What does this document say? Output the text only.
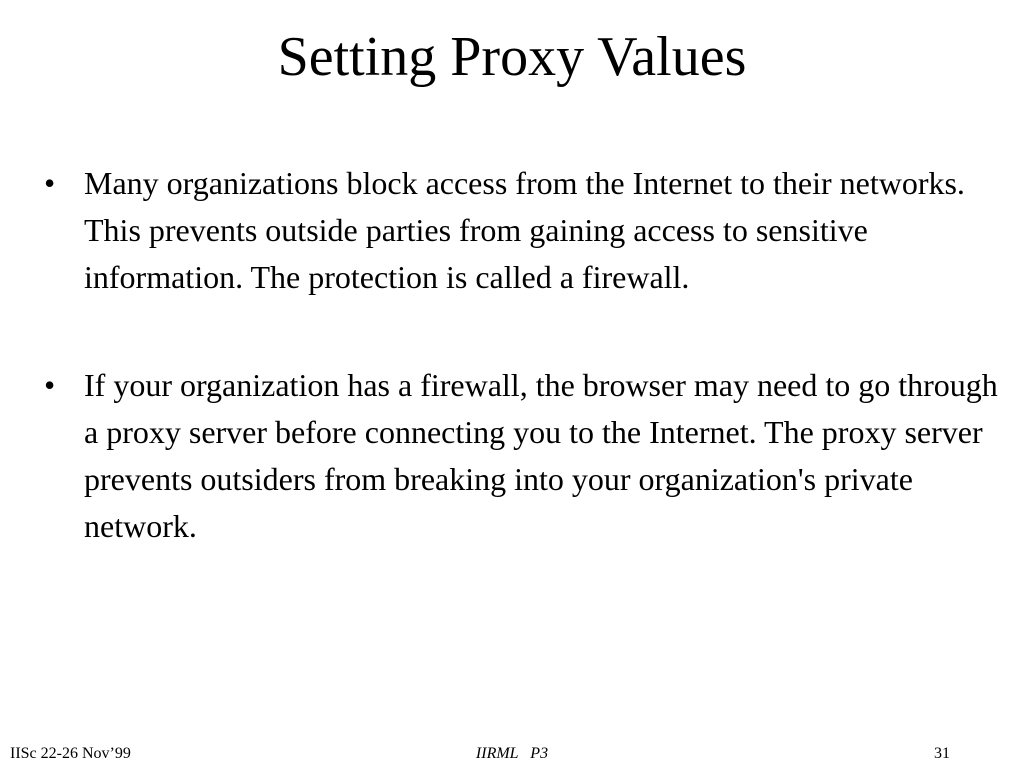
Setting Proxy Values
• Many organizations block access from the Internet to their networks. This prevents outside parties from gaining access to sensitive information. The protection is called a firewall.
• If your organization has a firewall, the browser may need to go through a proxy server before connecting you to the Internet. The proxy server prevents outsiders from breaking into your organization's private network.
IISc 22-26 Nov’99	IIRML   P3	31
